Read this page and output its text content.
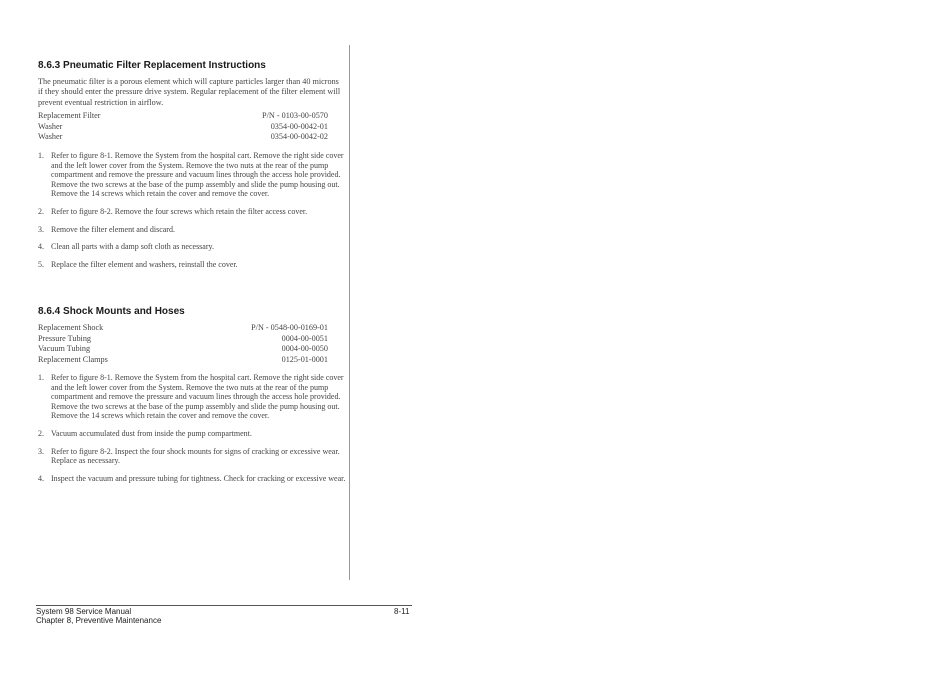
8.6.3 Pneumatic Filter Replacement Instructions
The pneumatic filter is a porous element which will capture particles larger than 40 microns if they should enter the pressure drive system. Regular replacement of the filter element will prevent eventual restriction in airflow.
Replacement Filter	P/N - 0103-00-0570
Washer	0354-00-0042-01
Washer	0354-00-0042-02
1. Refer to figure 8-1. Remove the System from the hospital cart. Remove the right side cover and the left lower cover from the System. Remove the two nuts at the rear of the pump compartment and remove the pressure and vacuum lines through the access hole provided. Remove the two screws at the base of the pump assembly and slide the pump housing out. Remove the 14 screws which retain the cover and remove the cover.
2. Refer to figure 8-2. Remove the four screws which retain the filter access cover.
3. Remove the filter element and discard.
4. Clean all parts with a damp soft cloth as necessary.
5. Replace the filter element and washers, reinstall the cover.
8.6.4 Shock Mounts and Hoses
Replacement Shock	P/N - 0548-00-0169-01
Pressure Tubing	0004-00-0051
Vacuum Tubing	0004-00-0050
Replacement Clamps	0125-01-0001
1. Refer to figure 8-1. Remove the System from the hospital cart. Remove the right side cover and the left lower cover from the System. Remove the two nuts at the rear of the pump compartment and remove the pressure and vacuum lines through the access hole provided. Remove the two screws at the base of the pump assembly and slide the pump housing out. Remove the 14 screws which retain the cover and remove the cover.
2. Vacuum accumulated dust from inside the pump compartment.
3. Refer to figure 8-2. Inspect the four shock mounts for signs of cracking or excessive wear. Replace as necessary.
4. Inspect the vacuum and pressure tubing for tightness. Check for cracking or excessive wear.
System 98 Service Manual
Chapter 8, Preventive Maintenance
8-11
